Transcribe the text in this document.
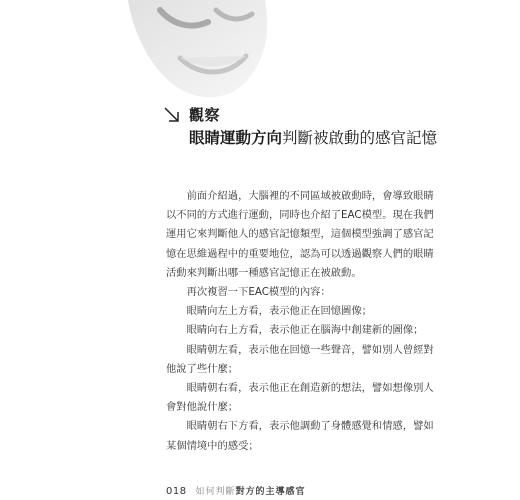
觀察
眼睛運動方向判斷被啟動的感官記憶

前面介紹過，大腦裡的不同區域被啟動時，會導致眼睛

以不同的方式進行運動，同時也介紹了EAC模型。現在我們

運用它來判斷他人的感官記憶類型，這個模型強調了感官記

憶在思維過程中的重要地位，認為可以透過觀察人們的眼睛

活動來判斷出哪一種感官記憶正在被啟動。

再次複習一下EAC模型的內容：

眼睛向左上方看，表示他正在回憶圖像；

眼睛向右上方看，表示他正在腦海中創建新的圖像；

眼睛朝左看，表示他在回憶一些聲音，譬如別人曾經對

他說了些什麼；

眼睛朝右看，表示他正在創造新的想法，譬如想像別人

會對他說什麼；

眼睛朝右下方看，表示他調動了身體感覺和情感，譬如

某個情境中的感受；

018 如何判斷對方的主導感官
